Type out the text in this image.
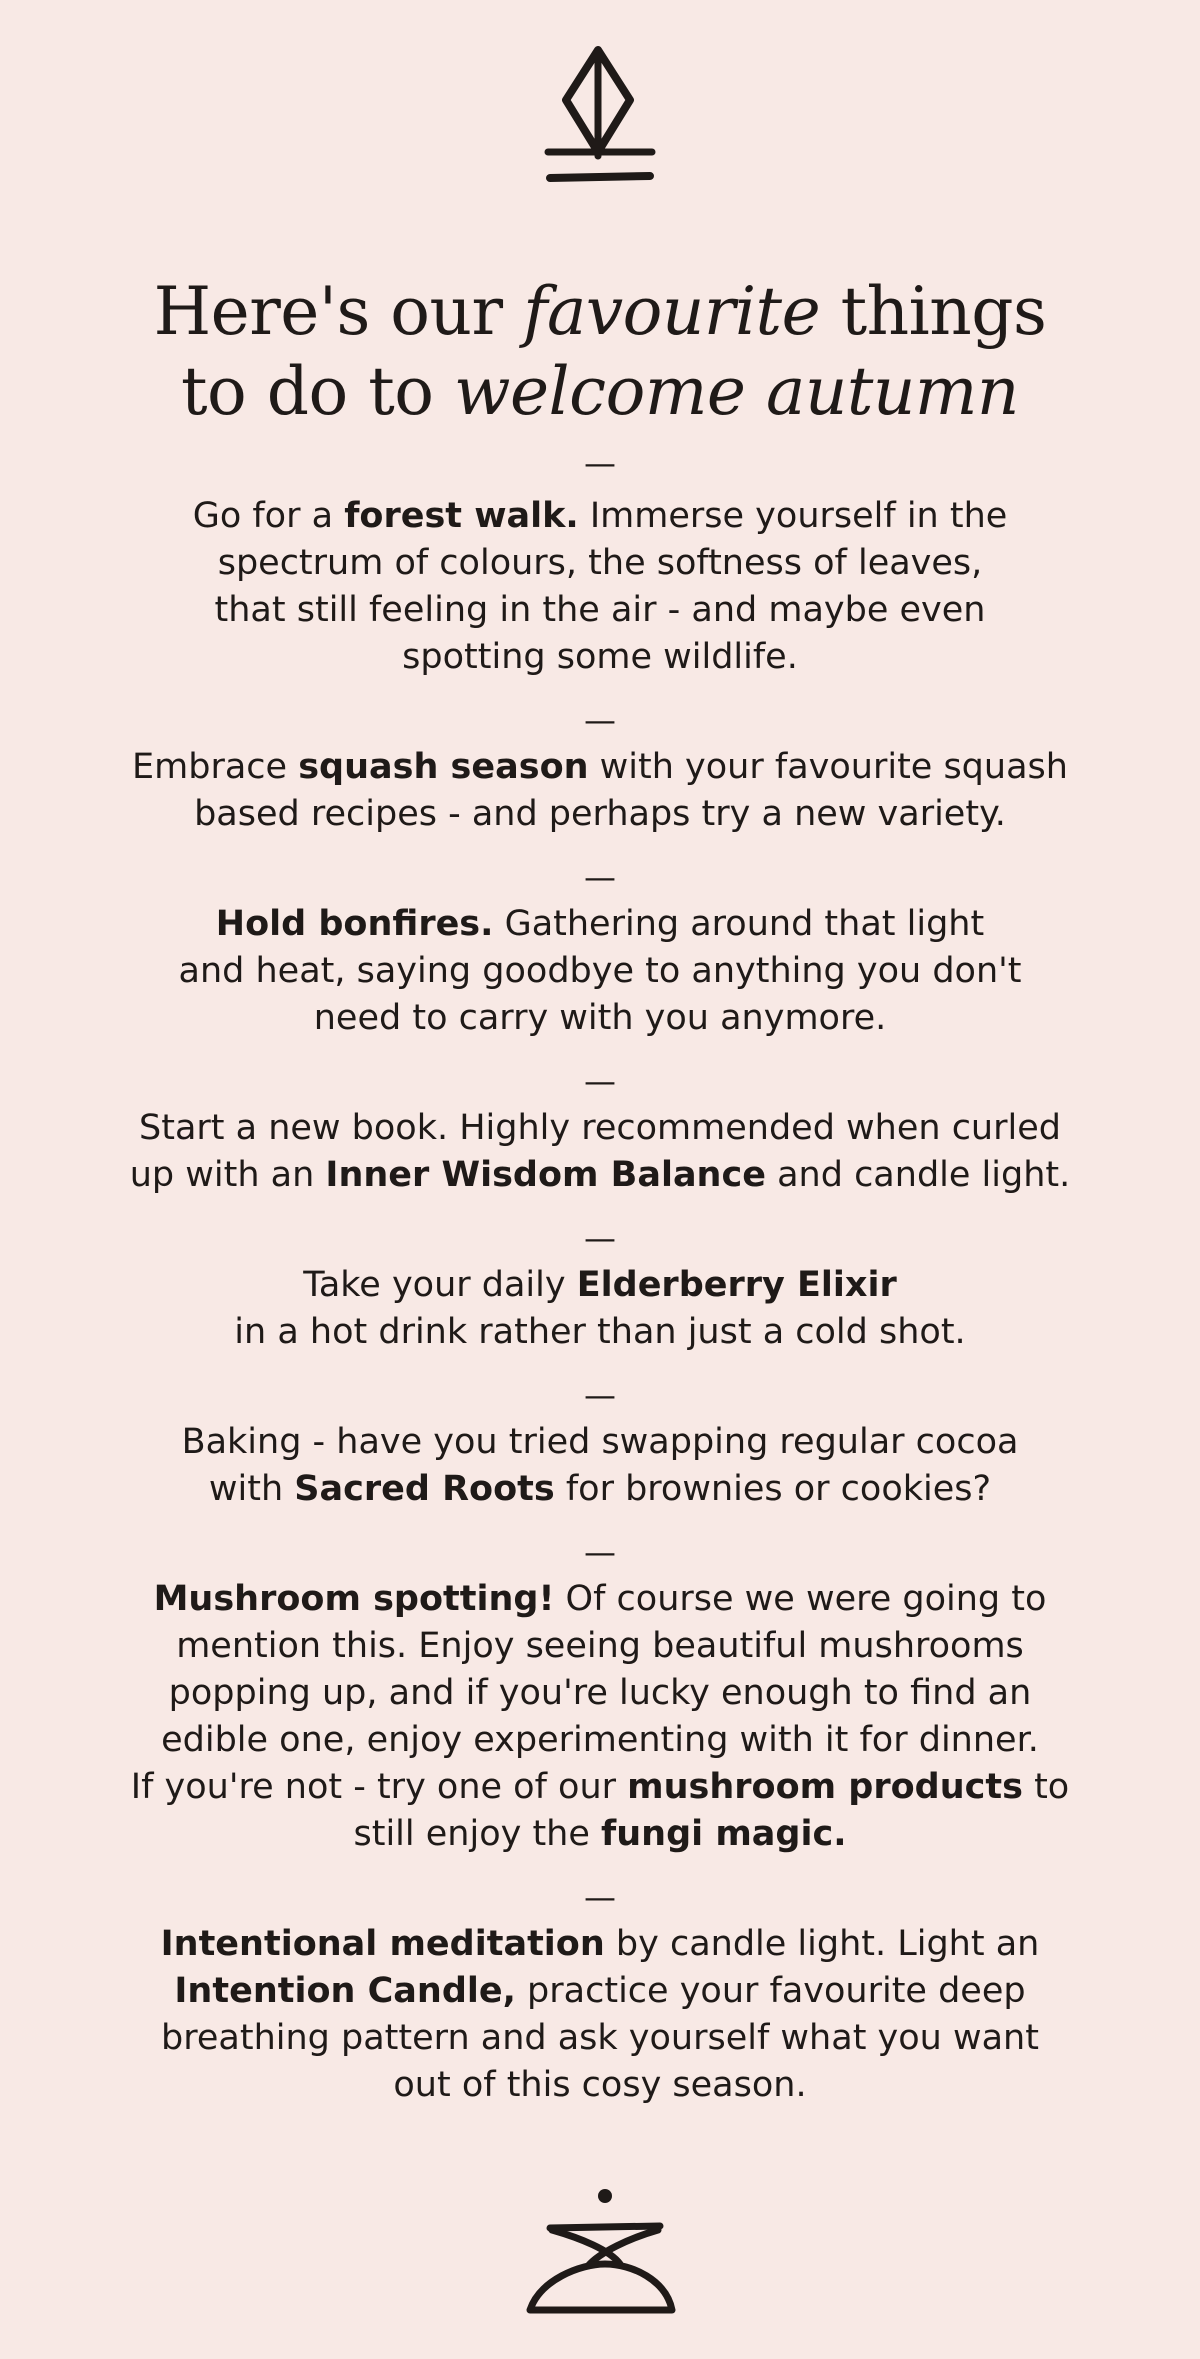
Here's our favourite things
to do to welcome autumn
—
Go for a forest walk. Immerse yourself in the
spectrum of colours, the softness of leaves,
that still feeling in the air - and maybe even
spotting some wildlife.
—
Embrace squash season with your favourite squash
based recipes - and perhaps try a new variety.
—
Hold bonfires. Gathering around that light
and heat, saying goodbye to anything you don't
need to carry with you anymore.
—
Start a new book. Highly recommended when curled
up with an Inner Wisdom Balance and candle light.
—
Take your daily Elderberry Elixir
in a hot drink rather than just a cold shot.
—
Baking - have you tried swapping regular cocoa
with Sacred Roots for brownies or cookies?
—
Mushroom spotting! Of course we were going to
mention this. Enjoy seeing beautiful mushrooms
popping up, and if you're lucky enough to find an
edible one, enjoy experimenting with it for dinner.
If you're not - try one of our mushroom products to
still enjoy the fungi magic.
—
Intentional meditation by candle light. Light an
Intention Candle, practice your favourite deep
breathing pattern and ask yourself what you want
out of this cosy season.
